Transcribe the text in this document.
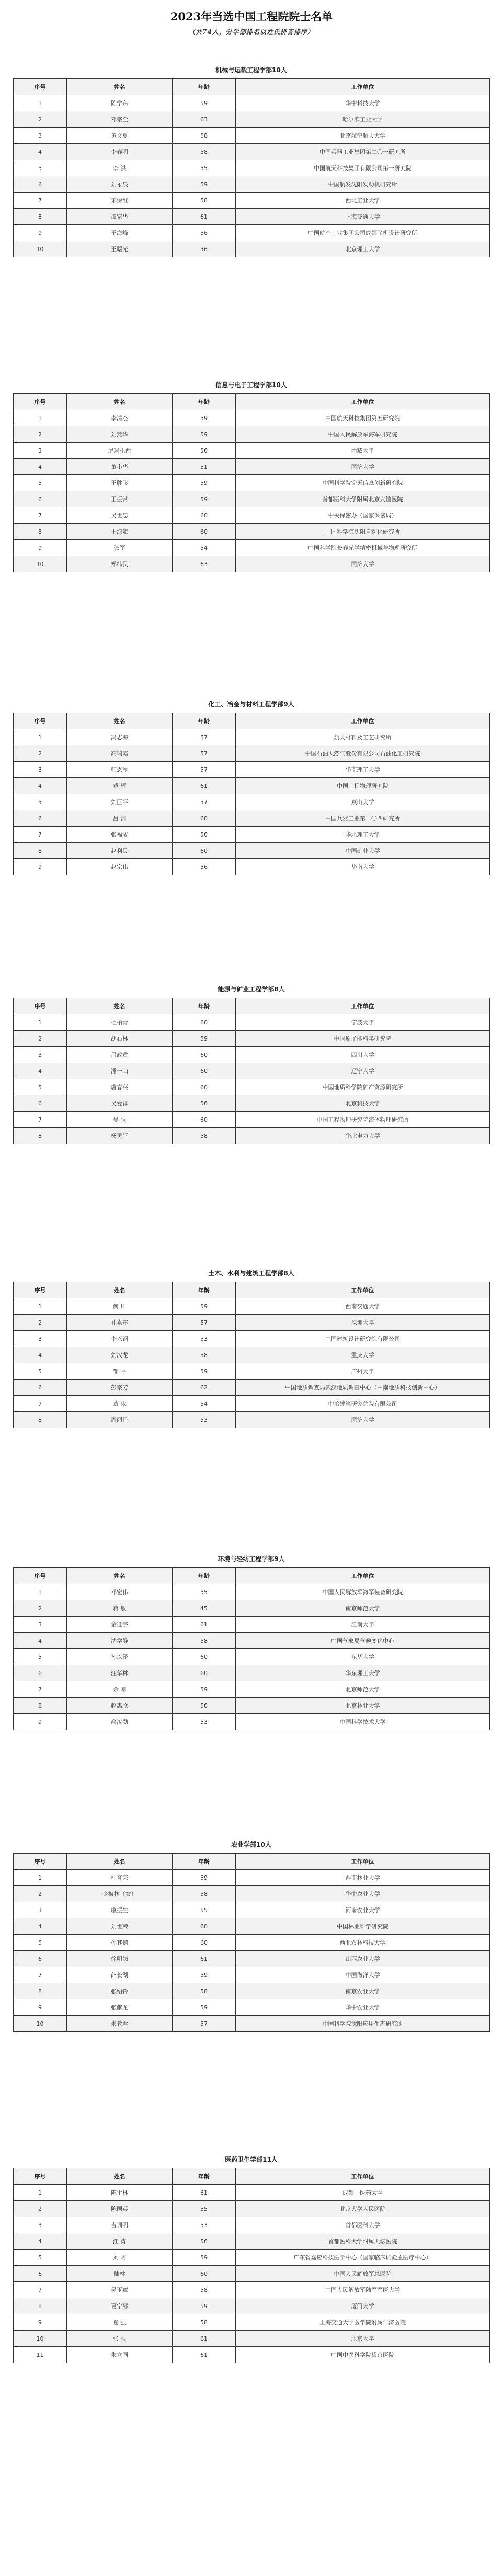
2023年当选中国工程院院士名单
（共74人，分学部排名以姓氏拼音排序）
机械与运载工程学部10人
序号	姓名	年龄	工作单位
1	陈学东	59	华中科技大学
2	邓宗全	63	哈尔滨工业大学
3	黄文夏	58	北京航空航天大学
4	李春明	58	中国兵器工业集团第二〇一研究所
5	李 洪	55	中国航天科技集团有限公司第一研究院
6	刘永泉	59	中国航发沈阳发动机研究所
7	宋保维	58	西北工业大学
8	谭家华	61	上海交通大学
9	王海峰	56	中国航空工业集团公司成都飞机设计研究所
10	王曙光	56	北京理工大学
信息与电子工程学部10人
序号	姓名	年龄	工作单位
1	李清杰	59	中国航天科技集团第五研究院
2	刘燕华	59	中国人民解放军海军研究院
3	尼玛扎西	56	西藏大学
4	董小华	51	同济大学
5	王胜飞	59	中国科学院空天信息创新研究院
6	王振常	59	首都医科大学附属北京友谊医院
7	吴世忠	60	中央保密办（国家保密局）
8	于海斌	60	中国科学院沈阳自动化研究所
9	张军	54	中国科学院长春光学精密机械与物理研究所
10	郑纬民	63	同济大学
化工、冶金与材料工程学部9人
序号	姓名	年龄	工作单位
1	冯志海	57	航天材料及工艺研究所
2	高瑞霞	57	中国石油天然气股份有限公司石油化工研究院
3	韩恩厚	57	华南理工大学
4	黄 辉	61	中国工程物理研究院
5	刘巨平	57	燕山大学
6	吕 剑	60	中国兵器工业第二〇四研究所
7	张福成	56	华北理工大学
8	赵利民	60	中国矿业大学
9	赵宗伟	56	华南大学
能源与矿业工程学部8人
序号	姓名	年龄	工作单位
1	杜柏青	60	宁波大学
2	胡石林	59	中国原子能科学研究院
3	吕政黄	60	四川大学
4	潘一山	60	辽宁大学
5	唐春兴	60	中国地质科学院矿产资源研究所
6	吴爱祥	56	北京科技大学
7	吴 强	60	中国工程物理研究院流体物理研究所
8	杨勇平	58	华北电力大学
土木、水利与建筑工程学部8人
序号	姓名	年龄	工作单位
1	何 川	59	西南交通大学
2	孔嘉年	57	深圳大学
3	李兴钢	53	中国建筑设计研究院有限公司
4	刘汉龙	58	重庆大学
5	邹 平	59	广州大学
6	彭宗芳	62	中国地质调查局武汉地质调查中心（中南地质科技创新中心）
7	董 冰	54	中冶建筑研究总院有限公司
8	周丽丹	53	同济大学
环境与轻纺工程学部9人
序号	姓名	年龄	工作单位
1	邓宏伟	55	中国人民解放军海军装备研究院
2	蒋 敏	45	南京师范大学
3	金征宇	61	江南大学
4	沈学静	58	中国气象局气候变化中心
5	孙以泽	60	东华大学
6	汪华林	60	华东理工大学
7	余 刚	59	北京师范大学
8	赵惠欣	56	北京林业大学
9	俞汝勤	53	中国科学技术大学
农业学部10人
序号	姓名	年龄	工作单位
1	杜育来	59	西南林业大学
2	金梅林（女）	58	华中农业大学
3	康振生	55	河南农业大学
4	刘世荣	60	中国林业科学研究院
5	孙其信	60	西北农林科技大学
6	徐明岗	61	山西农业大学
7	薛长湖	59	中国海洋大学
8	张绍铃	58	南京农业大学
9	张献龙	59	华中农业大学
10	朱教君	57	中国科学院沈阳应用生态研究所
医药卫生学部11人
序号	姓名	年龄	工作单位
1	陈士林	61	成都中医药大学
2	陈国英	55	北京大学人民医院
3	吉训明	53	首都医科大学
4	江 涛	56	首都医科大学附属天坛医院
5	刘 昭	59	广东省嘉应科技医学中心（国家临床试验主医疗中心）
6	陆林	60	中国人民解放军总医院
7	吴玉章	58	中国人民解放军陆军军医大学
8	夏宁邵	59	厦门大学
9	夏 强	58	上海交通大学医学院附属仁济医院
10	张 强	61	北京大学
11	朱立国	61	中国中医科学院望京医院
